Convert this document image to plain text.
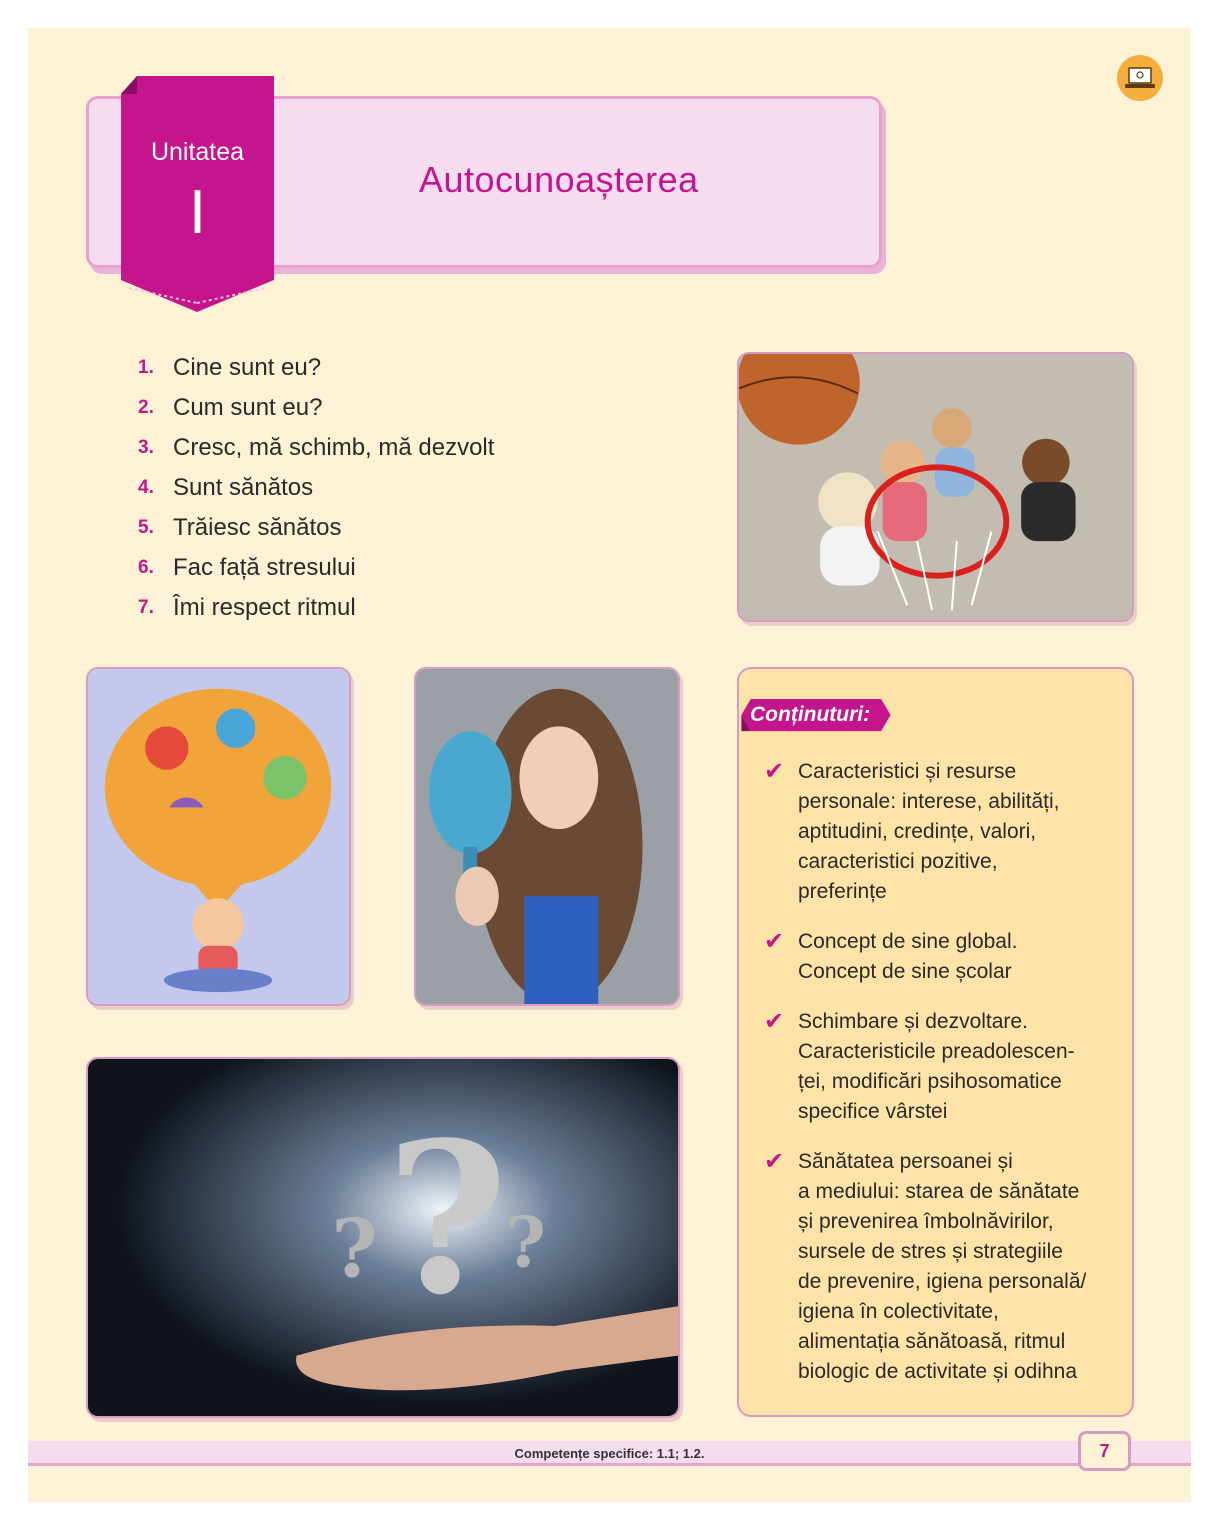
Autocunoașterea
Unitatea
I
1. Cine sunt eu?
2. Cum sunt eu?
3. Cresc, mă schimb, mă dezvolt
4. Sunt sănătos
5. Trăiesc sănătos
6. Fac față stresului
7. Îmi respect ritmul
?
? ?
Conținuturi:
✔ Caracteristici și resurse
personale: interese, abilități,
aptitudini, credințe, valori,
caracteristici pozitive,
preferințe
✔ Concept de sine global.
Concept de sine școlar
✔ Schimbare și dezvoltare.
Caracteristicile preadolescen-
ței, modificări psihosomatice
specifice vârstei
✔ Sănătatea persoanei și
a mediului: starea de sănătate
și prevenirea îmbolnăvirilor,
sursele de stres și strategiile
de prevenire, igiena personală/
igiena în colectivitate,
alimentația sănătoasă, ritmul
biologic de activitate și odihna
Competențe specifice: 1.1; 1.2.	7
